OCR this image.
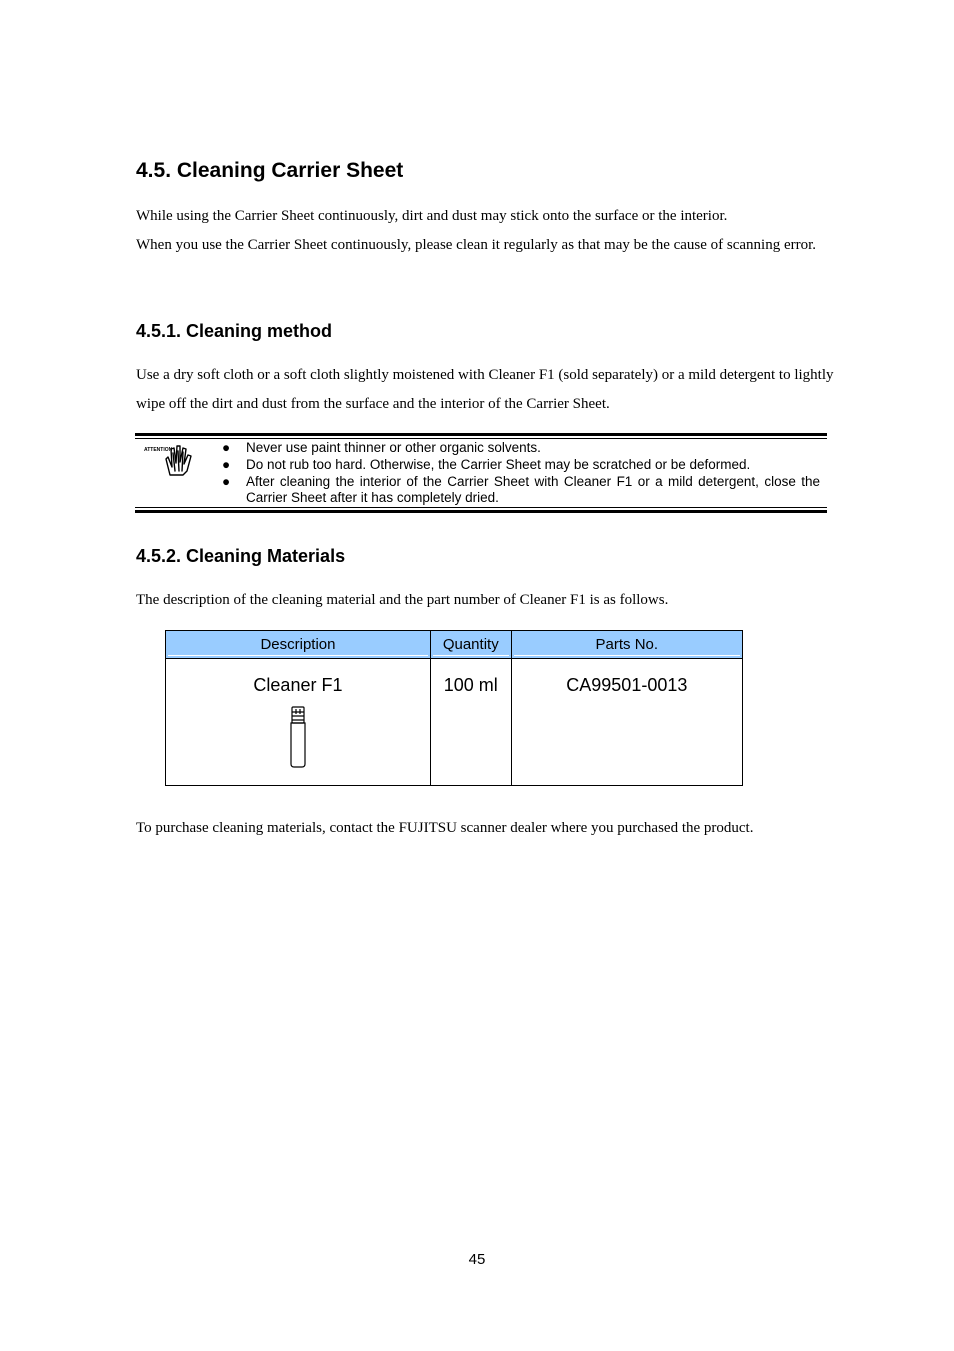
4.5. Cleaning Carrier Sheet

While using the Carrier Sheet continuously, dirt and dust may stick onto the surface or the interior.

When you use the Carrier Sheet continuously, please clean it regularly as that may be the cause of scanning error.

4.5.1. Cleaning method

Use a dry soft cloth or a soft cloth slightly moistened with Cleaner F1 (sold separately) or a mild detergent to lightly wipe off the dirt and dust from the surface and the interior of the Carrier Sheet.

ATTENTION	● Never use paint thinner or other organic solvents.
● Do not rub too hard. Otherwise, the Carrier Sheet may be scratched or be deformed.
● After cleaning the interior of the Carrier Sheet with Cleaner F1 or a mild detergent, close the Carrier Sheet after it has completely dried.
4.5.2. Cleaning Materials

The description of the cleaning material and the part number of Cleaner F1 is as follows.

Description	Quantity	Parts No.

Cleaner F1	100 ml	CA99501-0013

To purchase cleaning materials, contact the FUJITSU scanner dealer where you purchased the product.

45
